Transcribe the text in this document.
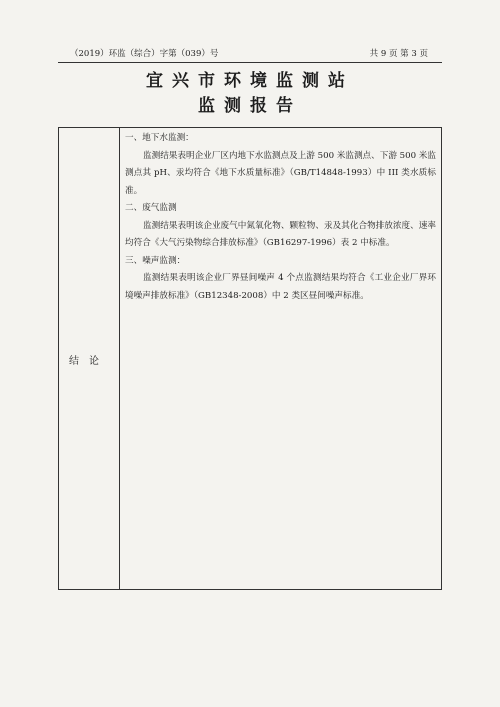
（2019）环监（综合）字第（039）号	共 9 页 第 3 页
宜兴市环境监测站
监测报告
结论

一、地下水监测：

监测结果表明企业厂区内地下水监测点及上游 500 米监测点、下游 500 米监测点其 pH、汞均符合《地下水质量标准》（GB/T14848-1993）中 III 类水质标准。

二、废气监测

监测结果表明该企业废气中氮氧化物、颗粒物、汞及其化合物排放浓度、速率均符合《大气污染物综合排放标准》（GB16297-1996）表 2 中标准。

三、噪声监测：

监测结果表明该企业厂界昼间噪声 4 个点监测结果均符合《工业企业厂界环境噪声排放标准》（GB12348-2008）中 2 类区昼间噪声标准。
